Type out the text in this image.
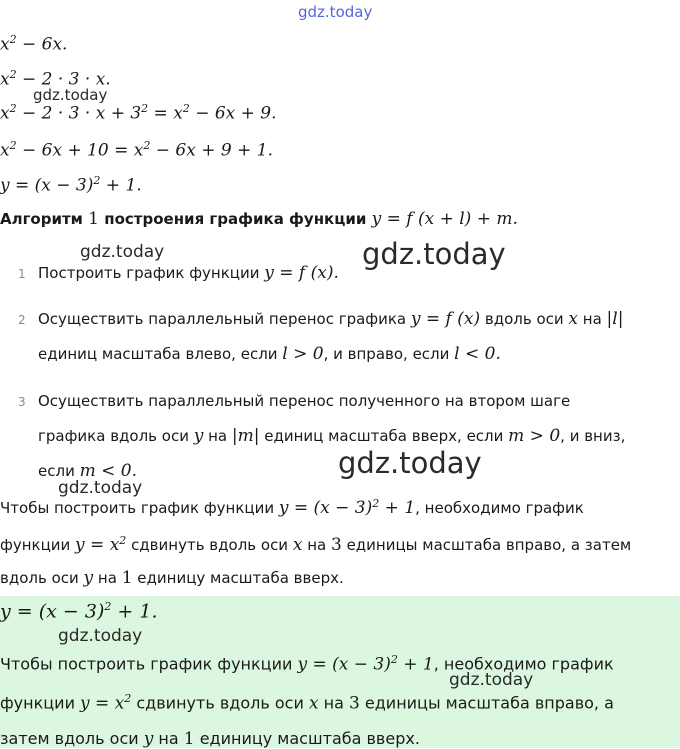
gdz.today
gdz.today
gdz.today	gdz.today
gdz.today
gdz.today
gdz.today
gdz.today
$x^2 - 6x$.
$x^2 - 2 \cdot 3 \cdot x$.
$x^2 - 2 \cdot 3 \cdot x + 3^2 = x^2 - 6x + 9$.
$x^2 - 6x + 10 = x^2 - 6x + 9 + 1$.
$y = (x - 3)^2 + 1$.
Алгоритм 1 построения графика функции y = f (x + l) + m.
1 Построить график функции y = f (x).
2 Осуществить параллельный перенос графика y = f (x) вдоль оси x на |l|
единиц масштаба влево, если l > 0, и вправо, если l < 0.
3 Осуществить параллельный перенос полученного на втором шаге
графика вдоль оси y на |m| единиц масштаба вверх, если m > 0, и вниз,
если m < 0.
Чтобы построить график функции $y = (x - 3)^2 + 1$, необходимо график
функции $y = x^2$ сдвинуть вдоль оси x на 3 единицы масштаба вправо, а затем
вдоль оси y на 1 единицу масштаба вверх.
$y = (x - 3)^2 + 1$.
Чтобы построить график функции $y = (x - 3)^2 + 1$, необходимо график
функции $y = x^2$ сдвинуть вдоль оси x на 3 единицы масштаба вправо, а
затем вдоль оси y на 1 единицу масштаба вверх.
